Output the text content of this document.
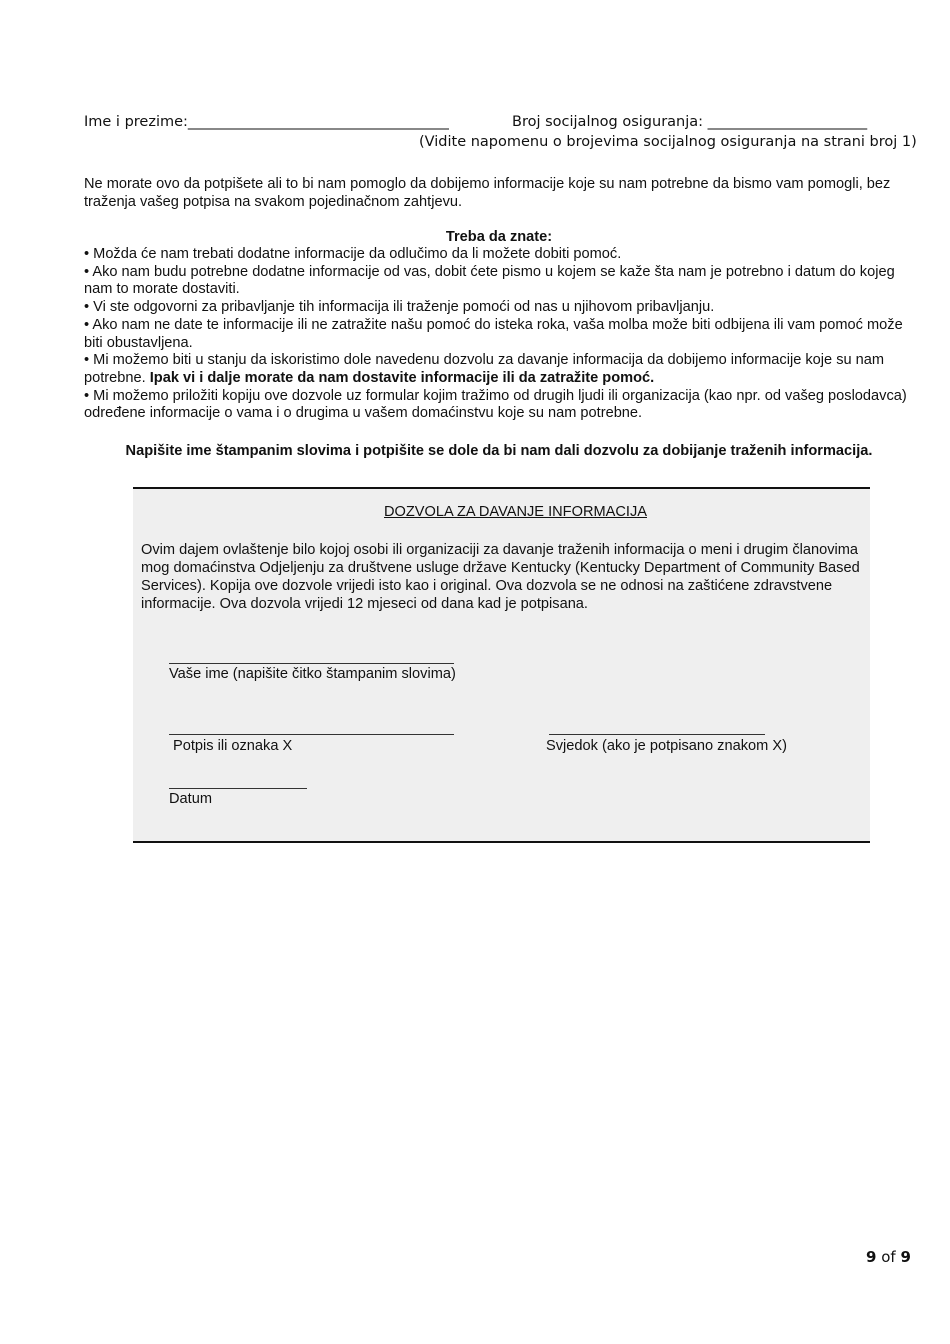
Ime i prezime:____________________________________	Broj socijalnog osiguranja: ______________________
(Vidite napomenu o brojevima socijalnog osiguranja na strani broj 1)
Ne morate ovo da potpišete ali to bi nam pomoglo da dobijemo informacije koje su nam potrebne da bismo vam pomogli, bez traženja vašeg potpisa na svakom pojedinačnom zahtjevu.
Treba da znate:

• Možda će nam trebati dodatne informacije da odlučimo da li možete dobiti pomoć.

• Ako nam budu potrebne dodatne informacije od vas, dobit ćete pismo u kojem se kaže šta nam je potrebno i datum do kojeg nam to morate dostaviti.

• Vi ste odgovorni za pribavljanje tih informacija ili traženje pomoći od nas u njihovom pribavljanju.

• Ako nam ne date te informacije ili ne zatražite našu pomoć do isteka roka, vaša molba može biti odbijena ili vam pomoć može biti obustavljena.

• Mi možemo biti u stanju da iskoristimo dole navedenu dozvolu za davanje informacija da dobijemo informacije koje su nam potrebne. Ipak vi i dalje morate da nam dostavite informacije ili da zatražite pomoć.

• Mi možemo priložiti kopiju ove dozvole uz formular kojim tražimo od drugih ljudi ili organizacija (kao npr. od vašeg poslodavca) određene informacije o vama i o drugima u vašem domaćinstvu koje su nam potrebne.

Napišite ime štampanim slovima i potpišite se dole da bi nam dali dozvolu za dobijanje traženih informacija.
DOZVOLA ZA DAVANJE INFORMACIJA
Ovim dajem ovlaštenje bilo kojoj osobi ili organizaciji za davanje traženih informacija o meni i drugim članovima mog domaćinstva Odjeljenju za društvene usluge države Kentucky (Kentucky Department of Community Based Services). Kopija ove dozvole vrijedi isto kao i original. Ova dozvola se ne odnosi na zaštićene zdravstvene informacije. Ova dozvola vrijedi 12 mjeseci od dana kad je potpisana.
Vaše ime (napišite čitko štampanim slovima)
Potpis ili oznaka X	Svjedok (ako je potpisano znakom X)
Datum
9 of 9
